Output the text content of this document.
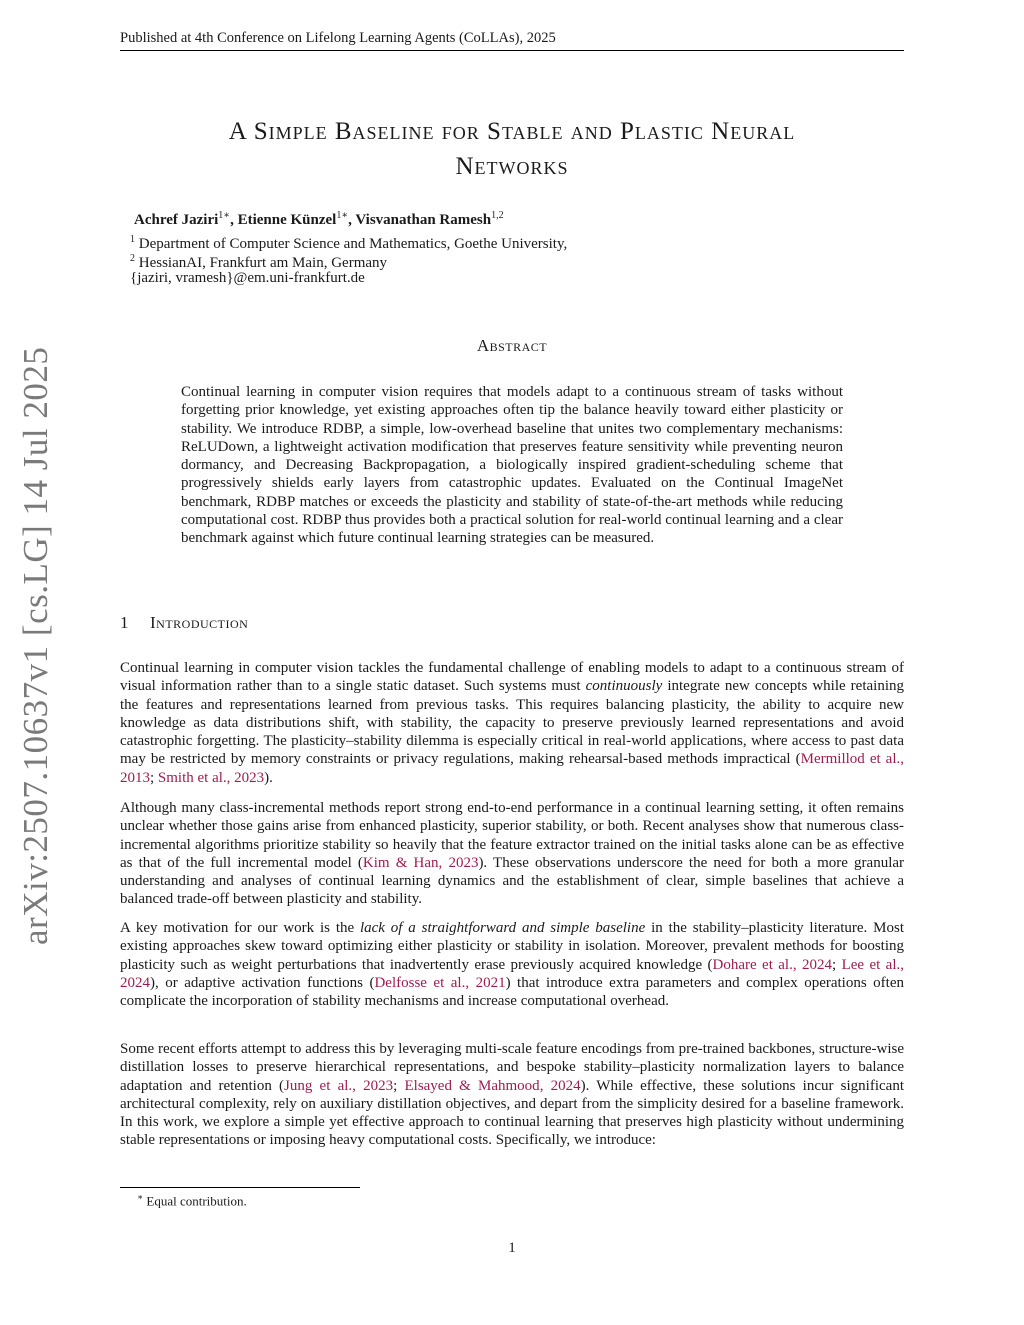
Published at 4th Conference on Lifelong Learning Agents (CoLLAs), 2025
arXiv:2507.10637v1 [cs.LG] 14 Jul 2025
A Simple Baseline for Stable and Plastic Neural
Networks
Achref Jaziri$^{1∗}$, Etienne Künzel$^{1∗}$, Visvanathan Ramesh$^{1,2}$
$^1$ Department of Computer Science and Mathematics, Goethe University,
$^2$ HessianAI, Frankfurt am Main, Germany
{jaziri, vramesh}@em.uni-frankfurt.de
Abstract
Continual learning in computer vision requires that models adapt to a continuous stream of tasks without forgetting prior knowledge, yet existing approaches often tip the balance heavily toward either plasticity or stability. We introduce RDBP, a simple, low-overhead baseline that unites two complementary mechanisms: ReLUDown, a lightweight activation modification that preserves feature sensitivity while preventing neuron dormancy, and Decreasing Backpropagation, a biologically inspired gradient-scheduling scheme that progressively shields early layers from catastrophic updates. Evaluated on the Continual ImageNet benchmark, RDBP matches or exceeds the plasticity and stability of state-of-the-art methods while reducing computational cost. RDBP thus provides both a practical solution for real-world continual learning and a clear benchmark against which future continual learning strategies can be measured.
1 Introduction
Continual learning in computer vision tackles the fundamental challenge of enabling models to adapt to a continuous stream of visual information rather than to a single static dataset. Such systems must continuously integrate new concepts while retaining the features and representations learned from previous tasks. This requires balancing plasticity, the ability to acquire new knowledge as data distributions shift, with stability, the capacity to preserve previously learned representations and avoid catastrophic forgetting. The plasticity–stability dilemma is especially critical in real-world applications, where access to past data may be restricted by memory constraints or privacy regulations, making rehearsal-based methods impractical (Mermillod et al., 2013; Smith et al., 2023).
Although many class-incremental methods report strong end-to-end performance in a continual learning setting, it often remains unclear whether those gains arise from enhanced plasticity, superior stability, or both. Recent analyses show that numerous class-incremental algorithms prioritize stability so heavily that the feature extractor trained on the initial tasks alone can be as effective as that of the full incremental model (Kim & Han, 2023). These observations underscore the need for both a more granular understanding and analyses of continual learning dynamics and the establishment of clear, simple baselines that achieve a balanced trade-off between plasticity and stability.
A key motivation for our work is the lack of a straightforward and simple baseline in the stability–plasticity literature. Most existing approaches skew toward optimizing either plasticity or stability in isolation. Moreover, prevalent methods for boosting plasticity such as weight perturbations that inadvertently erase previously acquired knowledge (Dohare et al., 2024; Lee et al., 2024), or adaptive activation functions (Delfosse et al., 2021) that introduce extra parameters and complex operations often complicate the incorporation of stability mechanisms and increase computational overhead.
Some recent efforts attempt to address this by leveraging multi-scale feature encodings from pre-trained backbones, structure-wise distillation losses to preserve hierarchical representations, and bespoke stability–plasticity normalization layers to balance adaptation and retention (Jung et al., 2023; Elsayed & Mahmood, 2024). While effective, these solutions incur significant architectural complexity, rely on auxiliary distillation objectives, and depart from the simplicity desired for a baseline framework. In this work, we explore a simple yet effective approach to continual learning that preserves high plasticity without undermining stable representations or imposing heavy computational costs. Specifically, we introduce:
∗ Equal contribution.
1
